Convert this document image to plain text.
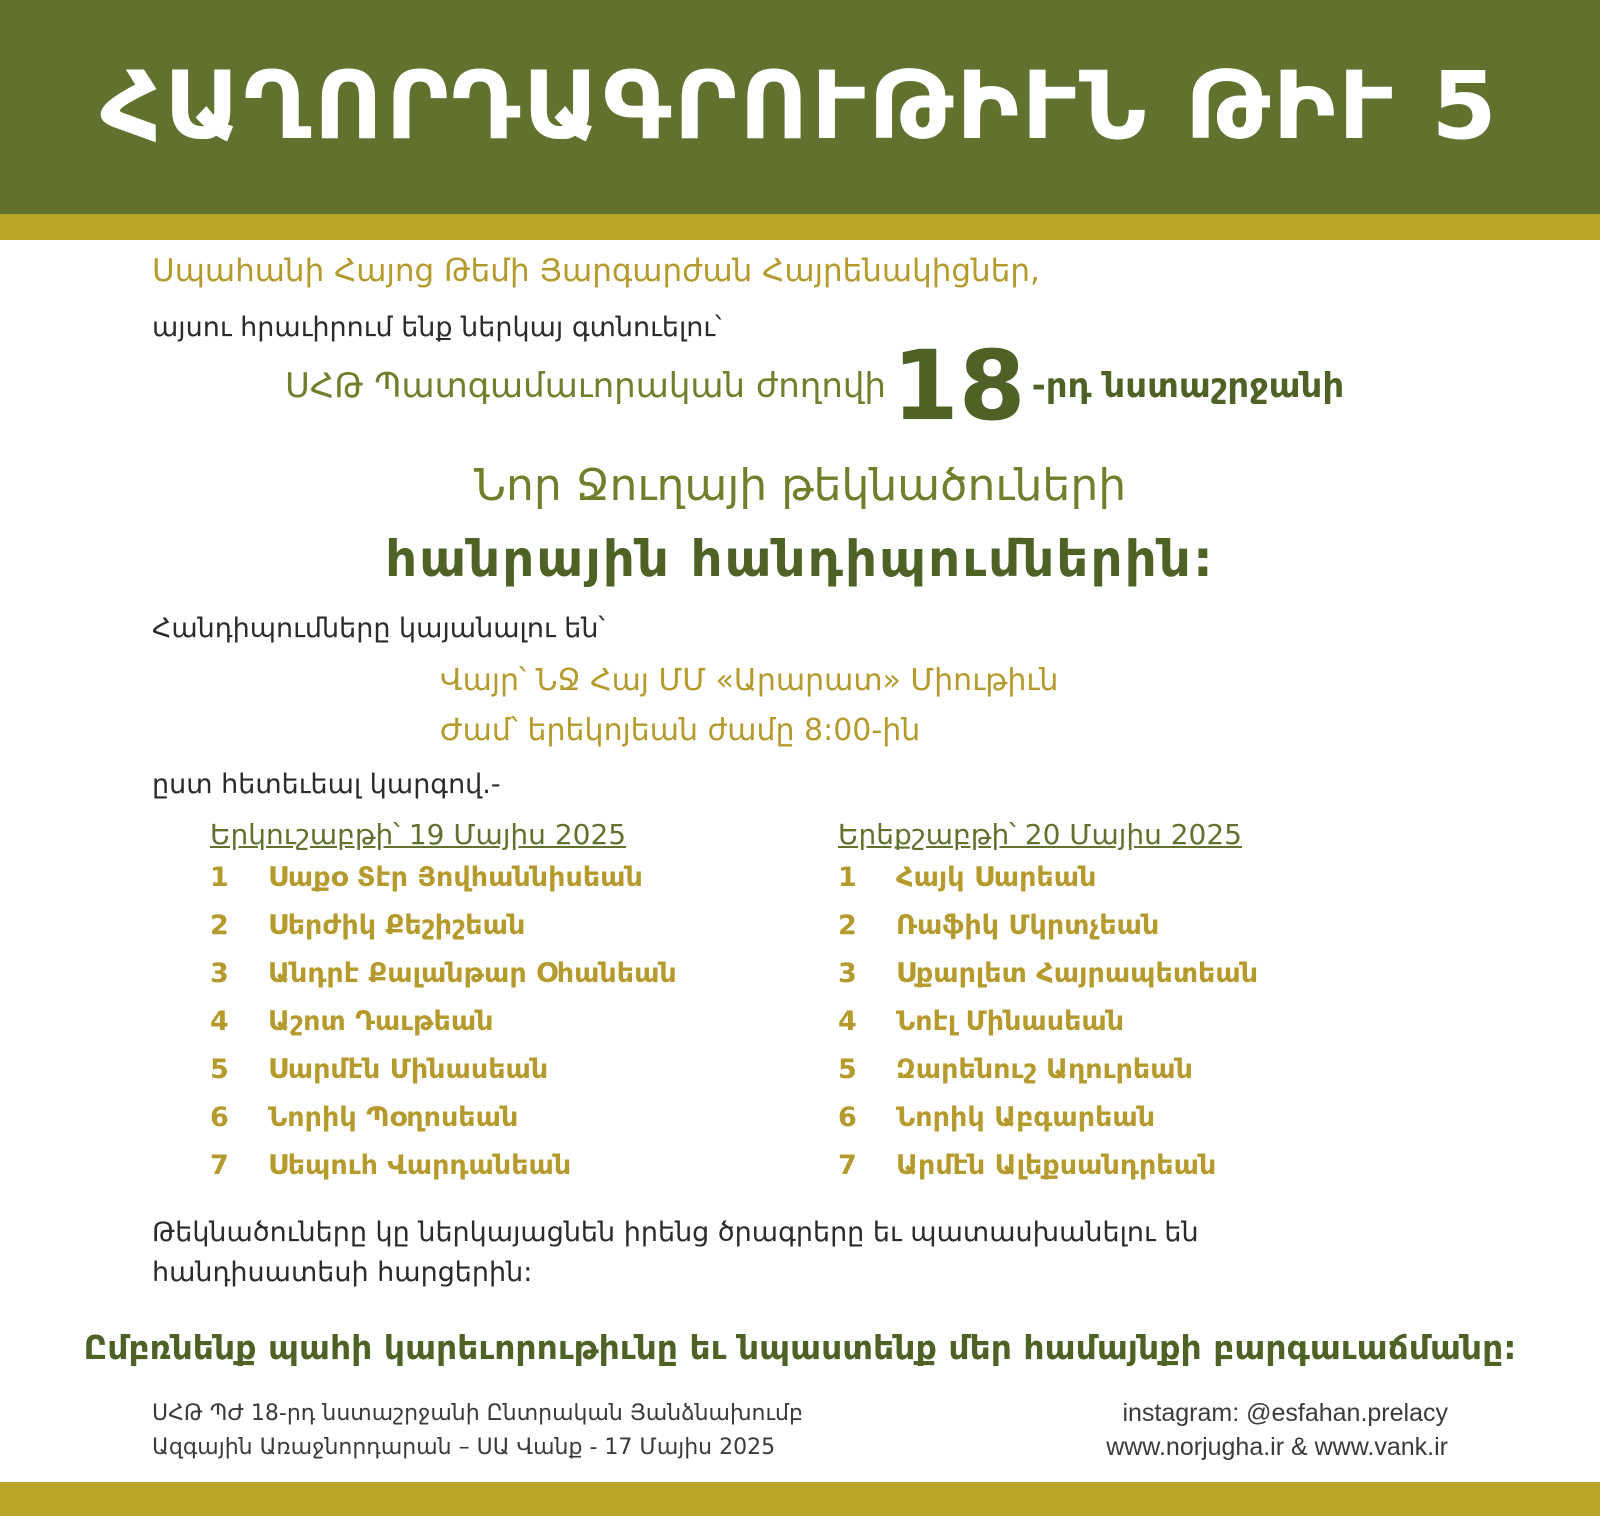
ՀԱՂՈՐԴԱԳՐՈՒԹԻՒՆ ԹԻՒ 5
Սպահանի Հայոց Թեմի Յարգարժան Հայրենակիցներ,
այսու հրաւիրում ենք ներկայ գտնուելու՝
ՍՀԹ Պատգամաւորական ժողովի 18 -րդ նստաշրջանի
Նոր Ջուղայի թեկնածուների
հանրային հանդիպումներին:
Հանդիպումները կայանալու են՝
Վայր՝ ՆՋ Հայ ՄՄ «Արարատ» Միութիւն
Ժամ՝ երեկոյեան ժամը 8:00-ին
ըստ հետեւեալ կարգով.-
Երկուշաբթի՝ 19 Մայիս 2025	Երեքշաբթի՝ 20 Մայիս 2025
1	Սաքօ Տէր Յովհաննիսեան
2	Սերժիկ Քեշիշեան
3	Անդրէ Քալանթար Օհանեան
4	Աշոտ Դաւթեան
5	Սարմէն Մինասեան
6	Նորիկ Պօղոսեան
7	Սեպուհ Վարդանեան
1	Հայկ Սարեան
2	Ռաֆիկ Մկրտչեան
3	Սքարլետ Հայրապետեան
4	Նոէլ Մինասեան
5	Զարենուշ Աղուրեան
6	Նորիկ Աբգարեան
7	Արմէն Ալեքսանդրեան
Թեկնածուները կը ներկայացնեն իրենց ծրագրերը եւ պատասխանելու են
հանդիսատեսի հարցերին:
Ըմբռնենք պահի կարեւորութիւնը եւ նպաստենք մեր համայնքի բարգաւաճմանը:
ՍՀԹ ՊԺ 18-րդ նստաշրջանի Ընտրական Յանձնախումբ
Ազգային Առաջնորդարան – ՍԱ Վանք - 17 Մայիս 2025
instagram: @esfahan.prelacy
www.norjugha.ir & www.vank.ir
